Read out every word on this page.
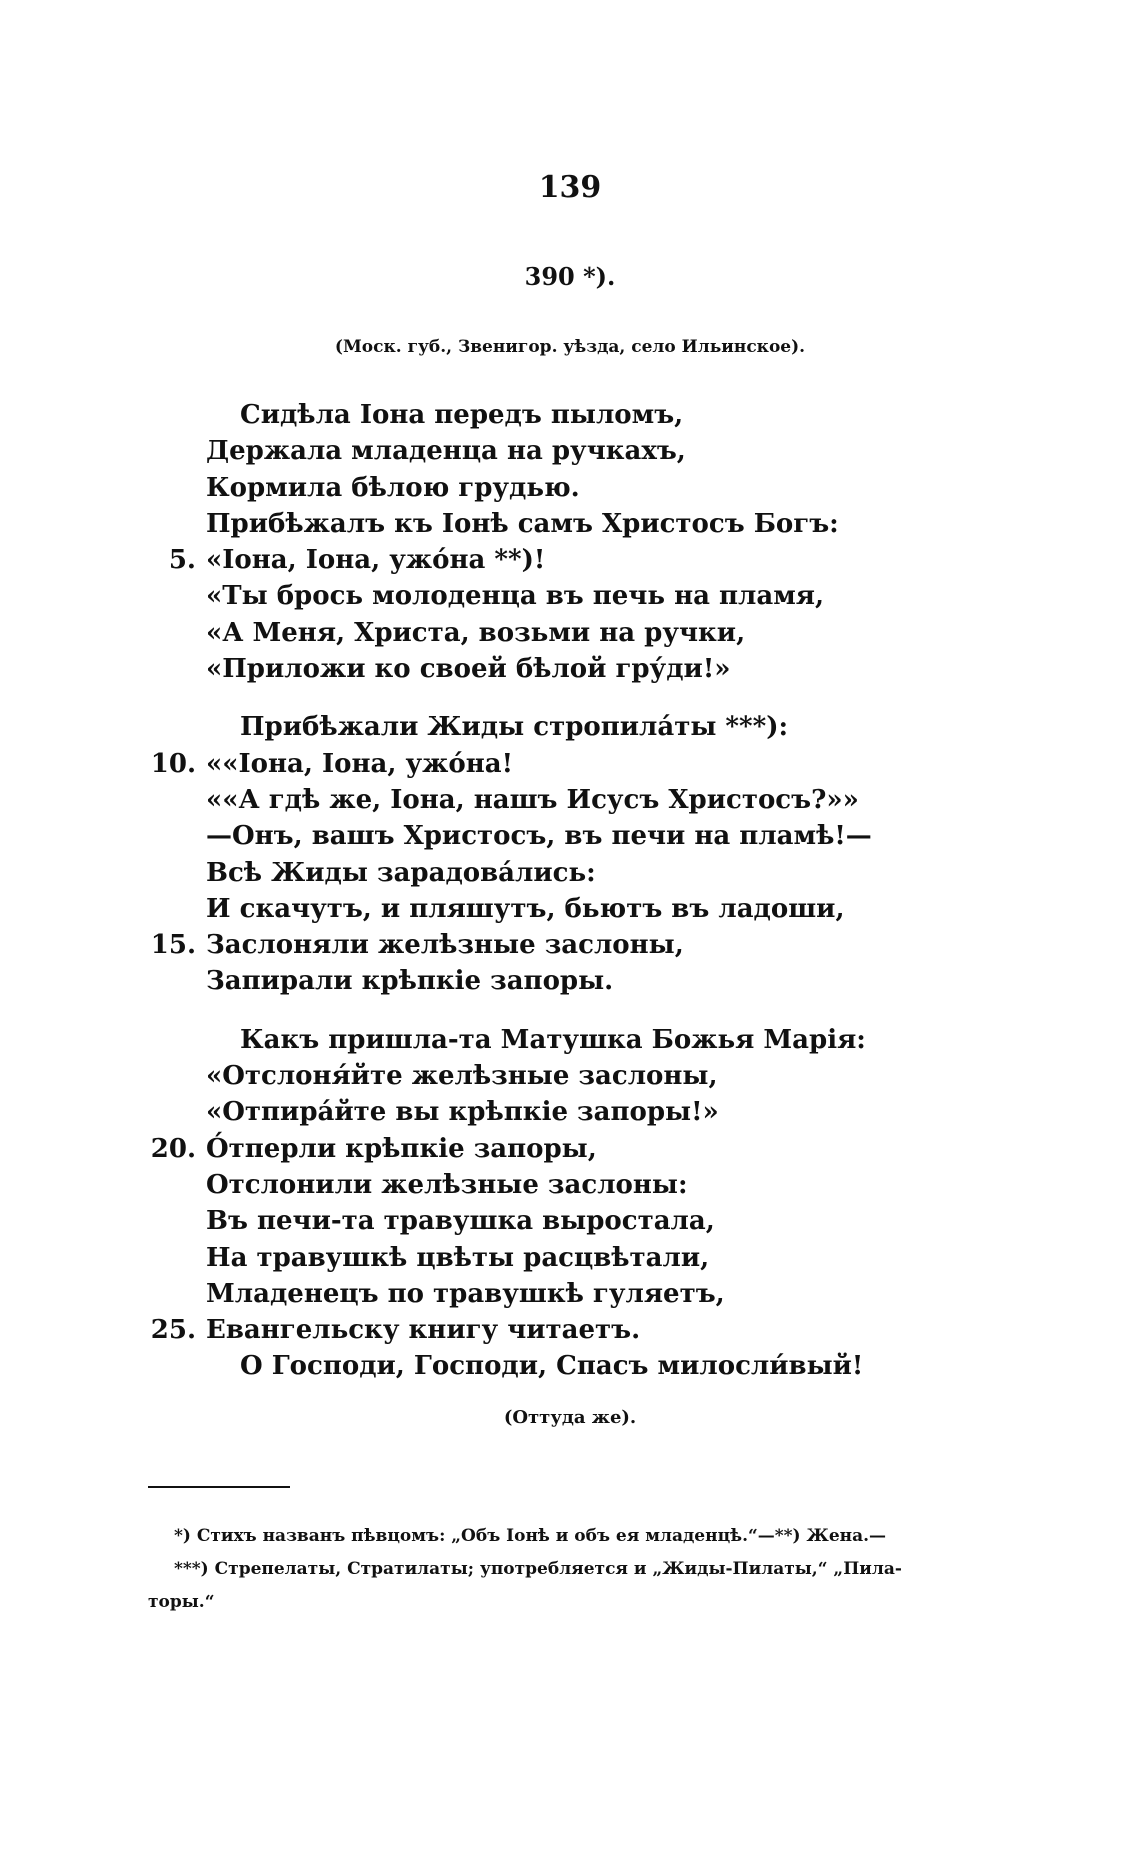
139
390 *).
(Моск. губ., Звенигор. уѣзда, село Ильинское).
Сидѣла Іона передъ пыломъ,
Держала младенца на ручкахъ,
Кормила бѣлою грудью.
Прибѣжалъ къ Іонѣ самъ Христосъ Богъ:
5. «Іона, Іона, ужо́на **)!
«Ты брось молоденца въ печь на пламя,
«А Меня, Христа, возьми на ручки,
«Приложи ко своей бѣлой гру́ди!»
Прибѣжали Жиды стропила́ты ***):
10. ««Іона, Іона, ужо́на!
««А гдѣ же, Іона, нашъ Исусъ Христосъ?»»
—Онъ, вашъ Христосъ, въ печи на пламѣ!—
Всѣ Жиды зарадова́лись:
И скачутъ, и пляшутъ, бьютъ въ ладоши,
15. Заслоняли желѣзные заслоны,
Запирали крѣпкіе запоры.
Какъ пришла-та Матушка Божья Марія:
«Отслоня́йте желѣзные заслоны,
«Отпира́йте вы крѣпкіе запоры!»
20. О́тперли крѣпкіе запоры,
Отслонили желѣзные заслоны:
Въ печи-та травушка выростала,
На травушкѣ цвѣты расцвѣтали,
Младенецъ по травушкѣ гуляетъ,
25. Евангельску книгу читаетъ.
О Господи, Господи, Спасъ милосли́вый!
(Оттуда же).
*) Стихъ названъ пѣвцомъ: „Объ Іонѣ и объ ея младенцѣ.“—**) Жена.—
***) Стрепелаты, Стратилаты; употребляется и „Жиды-Пилаты,“ „Пила-
торы.“
